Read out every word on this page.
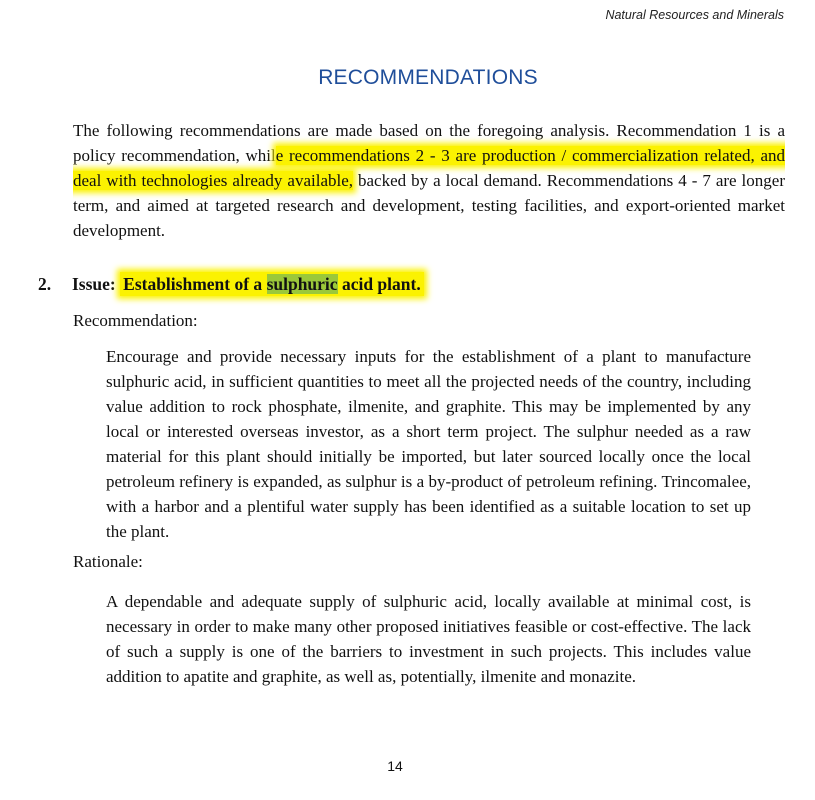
Natural Resources and Minerals
RECOMMENDATIONS

The following recommendations are made based on the foregoing analysis. Recommendation 1 is a policy recommendation, while recommendations 2 - 3 are production / commercialization related, and deal with technologies already available, backed by a local demand. Recommendations 4 - 7 are longer term, and aimed at targeted research and development, testing facilities, and export-oriented market development.

2. Issue: Establishment of a sulphuric acid plant.

Recommendation:

Encourage and provide necessary inputs for the establishment of a plant to manufacture sulphuric acid, in sufficient quantities to meet all the projected needs of the country, including value addition to rock phosphate, ilmenite, and graphite. This may be implemented by any local or interested overseas investor, as a short term project. The sulphur needed as a raw material for this plant should initially be imported, but later sourced locally once the local petroleum refinery is expanded, as sulphur is a by-product of petroleum refining. Trincomalee, with a harbor and a plentiful water supply has been identified as a suitable location to set up the plant.

Rationale:

A dependable and adequate supply of sulphuric acid, locally available at minimal cost, is necessary in order to make many other proposed initiatives feasible or cost-effective. The lack of such a supply is one of the barriers to investment in such projects. This includes value addition to apatite and graphite, as well as, potentially, ilmenite and monazite.

14
